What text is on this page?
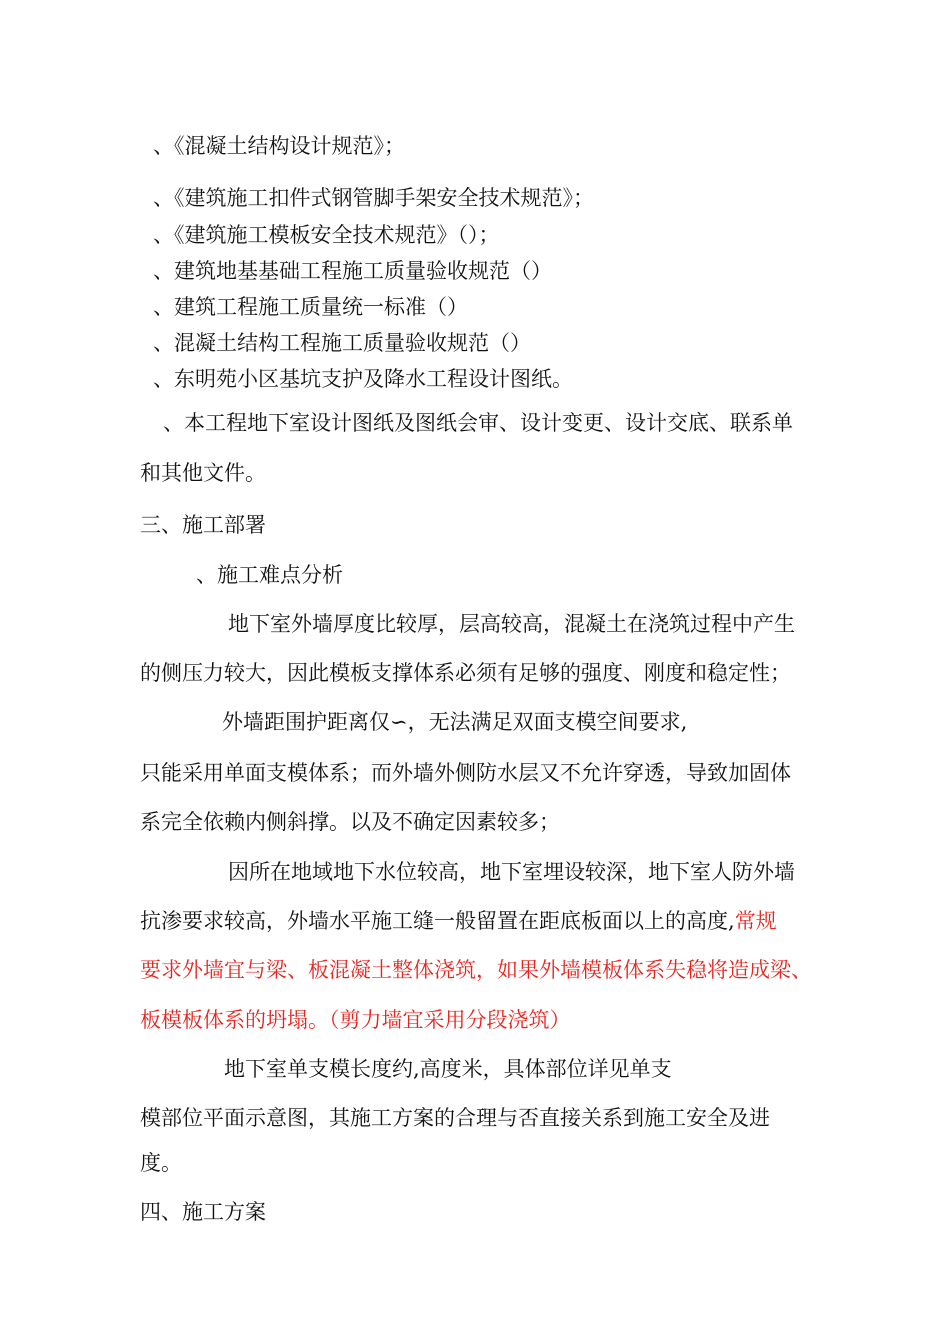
、《混凝土结构设计规范》；
、《建筑施工扣件式钢管脚手架安全技术规范》；
、《建筑施工模板安全技术规范》（）；
、建筑地基基础工程施工质量验收规范（）
、建筑工程施工质量统一标准（）
、混凝土结构工程施工质量验收规范（）
、东明苑小区基坑支护及降水工程设计图纸。
、本工程地下室设计图纸及图纸会审、设计变更、设计交底、联系单
和其他文件。
三、施工部署
、施工难点分析
地下室外墙厚度比较厚，层高较高，混凝土在浇筑过程中产生
的侧压力较大，因此模板支撑体系必须有足够的强度、刚度和稳定性；
外墙距围护距离仅∽，无法满足双面支模空间要求,
只能采用单面支模体系；而外墙外侧防水层又不允许穿透，导致加固体
系完全依赖内侧斜撑。以及不确定因素较多；
因所在地域地下水位较高，地下室埋设较深，地下室人防外墙
抗渗要求较高，外墙水平施工缝一般留置在距底板面以上的高度,常规
要求外墙宜与梁、板混凝土整体浇筑，如果外墙模板体系失稳将造成梁、
板模板体系的坍塌。（剪力墙宜采用分段浇筑）
地下室单支模长度约,高度米，具体部位详见单支
模部位平面示意图，其施工方案的合理与否直接关系到施工安全及进
度。
四、施工方案
